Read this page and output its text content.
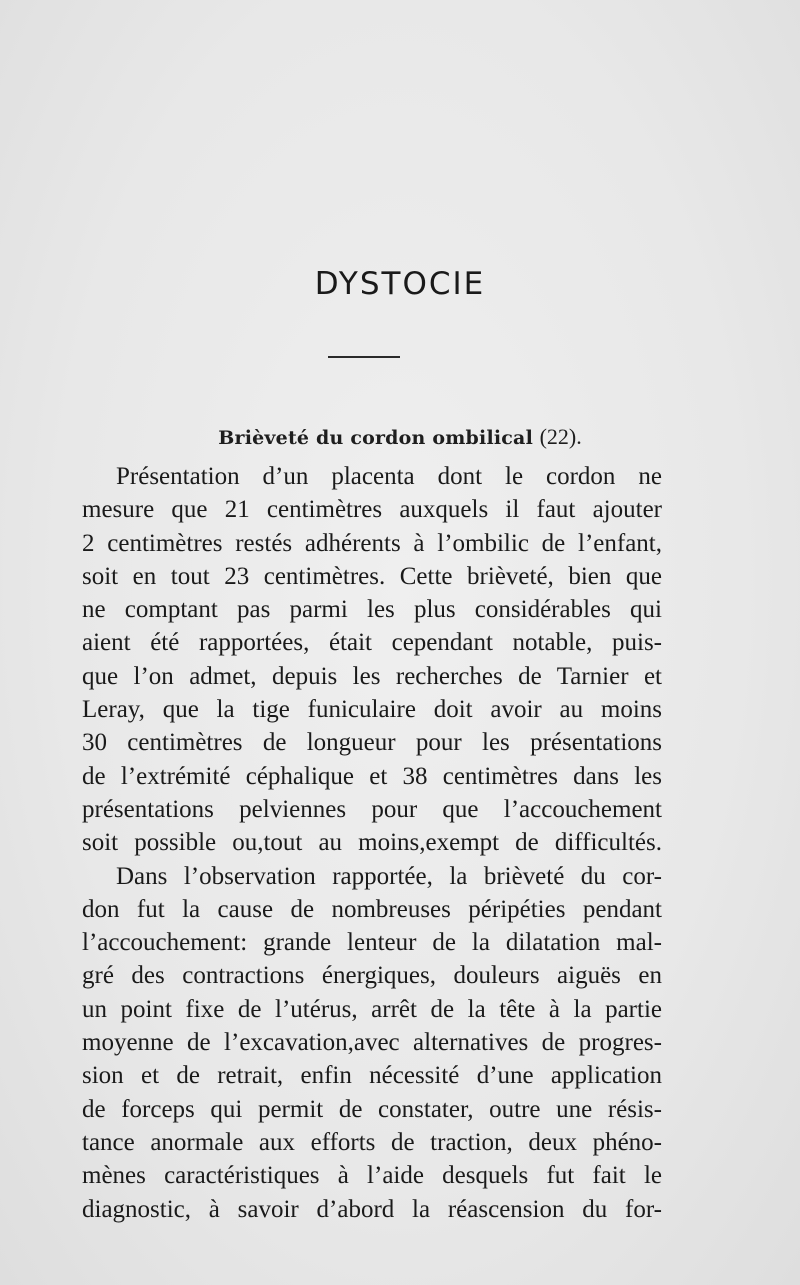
DYSTOCIE
Brièveté du cordon ombilical (22).

Présentation d’un placenta dont le cordon ne
mesure que 21 centimètres auxquels il faut ajouter
2 centimètres restés adhérents à l’ombilic de l’enfant,
soit en tout 23 centimètres. Cette brièveté, bien que
ne comptant pas parmi les plus considérables qui
aient été rapportées, était cependant notable, puis-
que l’on admet, depuis les recherches de Tarnier et
Leray, que la tige funiculaire doit avoir au moins
30 centimètres de longueur pour les présentations
de l’extrémité céphalique et 38 centimètres dans les
présentations pelviennes pour que l’accouchement
soit possible ou,tout au moins,exempt de difficultés.

Dans l’observation rapportée, la brièveté du cor-
don fut la cause de nombreuses péripéties pendant
l’accouchement: grande lenteur de la dilatation mal-
gré des contractions énergiques, douleurs aiguës en
un point fixe de l’utérus, arrêt de la tête à la partie
moyenne de l’excavation,avec alternatives de progres-
sion et de retrait, enfin nécessité d’une application
de forceps qui permit de constater, outre une résis-
tance anormale aux efforts de traction, deux phéno-
mènes caractéristiques à l’aide desquels fut fait le
diagnostic, à savoir d’abord la réascension du for-
